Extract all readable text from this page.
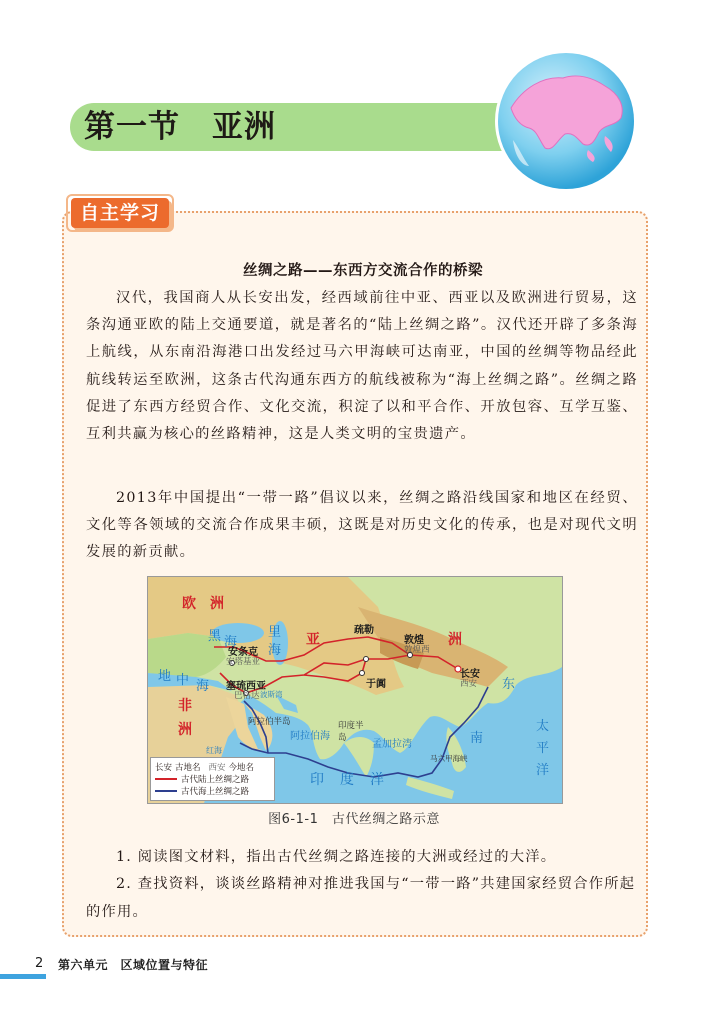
第一节　亚洲
自主学习
丝绸之路——东西方交流合作的桥梁

汉代，我国商人从长安出发，经西域前往中亚、西亚以及欧洲进行贸易，这条沟通亚欧的陆上交通要道，就是著名的“陆上丝绸之路”。汉代还开辟了多条海上航线，从东南沿海港口出发经过马六甲海峡可达南亚，中国的丝绸等物品经此航线转运至欧洲，这条古代沟通东西方的航线被称为“海上丝绸之路”。丝绸之路促进了东西方经贸合作、文化交流，积淀了以和平合作、开放包容、互学互鉴、互利共赢为核心的丝路精神，这是人类文明的宝贵遗产。

2013年中国提出“一带一路”倡议以来，丝绸之路沿线国家和地区在经贸、文化等各领域的交流合作成果丰硕，这既是对历史文化的传承，也是对现代文明发展的新贡献。

欧 洲
亚	洲
非
洲
黑 海
里
海
地 中 海
红海
印　度　洋
阿拉伯海
孟加拉湾
东
南
太
平
洋
阿拉伯半岛	印度半岛
马六甲海峡
波斯湾
安条克
安塔基亚
塞琉西亚
巴格达
疏勒
敦煌
敦煌西
长安
西安
于阗
长安 古地名 西安 今地名
古代陆上丝绸之路
古代海上丝绸之路
图6-1-1　古代丝绸之路示意

1. 阅读图文材料，指出古代丝绸之路连接的大洲或经过的大洋。

2. 查找资料，谈谈丝路精神对推进我国与“一带一路”共建国家经贸合作所起的作用。

2 第六单元　区域位置与特征
